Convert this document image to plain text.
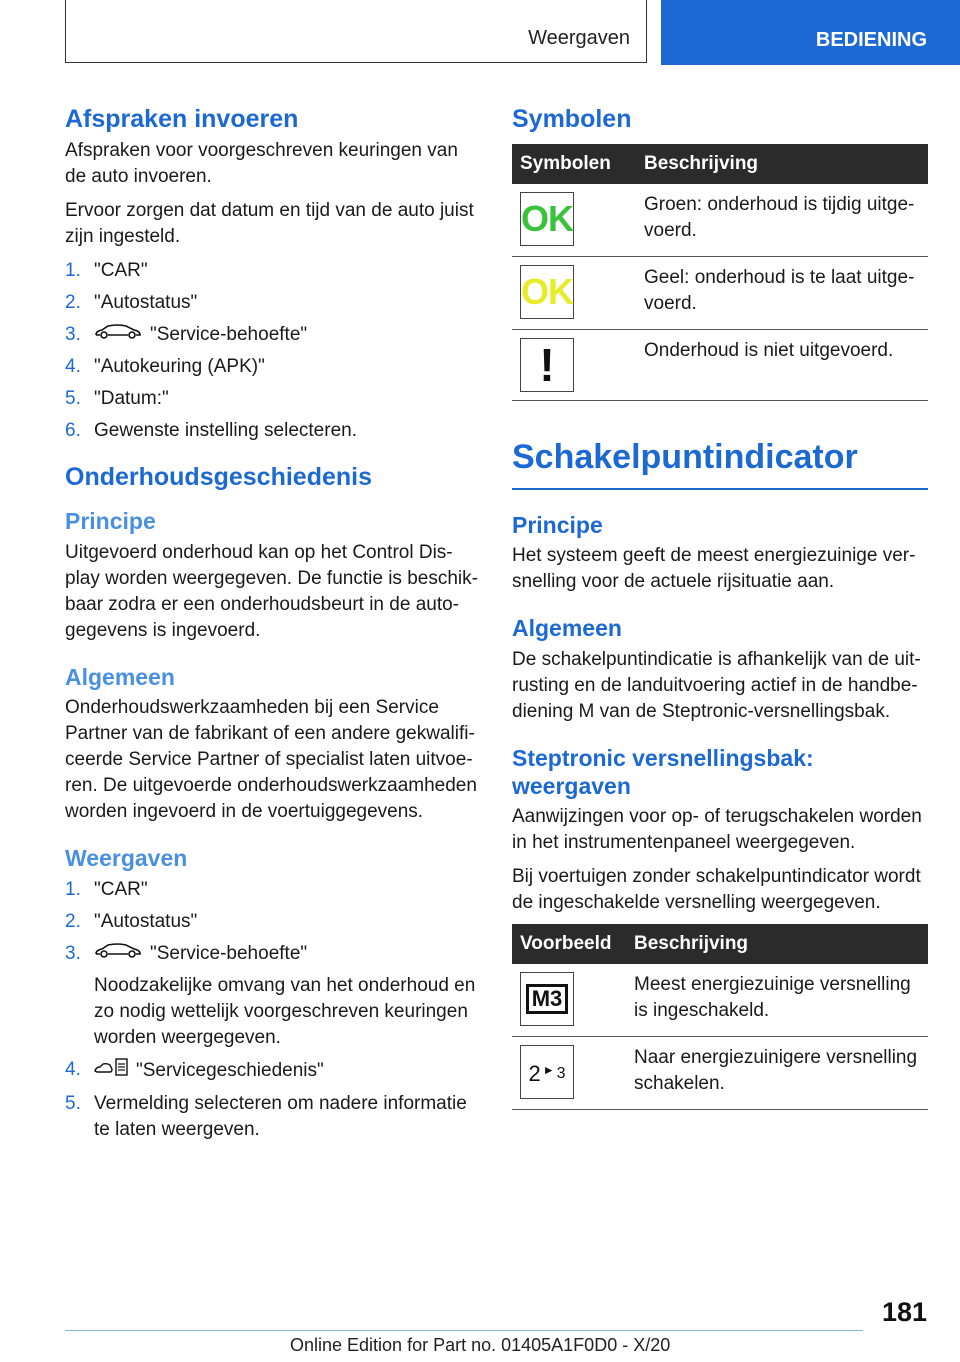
Weergaven	BEDIENING
Afspraken invoeren

Afspraken voor voorgeschreven keuringen van de auto invoeren.

Ervoor zorgen dat datum en tijd van de auto juist zijn ingesteld.

1. "CAR"
2. "Autostatus"
3.	"Service-behoefte"
4. "Autokeuring (APK)"
5. "Datum:"
6. Gewenste instelling selecteren.
Onderhoudsgeschiedenis
Principe

Uitgevoerd onderhoud kan op het Control Dis-play worden weergegeven. De functie is beschik-baar zodra er een onderhoudsbeurt in de auto-gegevens is ingevoerd.

Algemeen

Onderhoudswerkzaamheden bij een Service Partner van de fabrikant of een andere gekwalifi-ceerde Service Partner of specialist laten uitvoe-ren. De uitgevoerde onderhoudswerkzaamheden worden ingevoerd in de voertuiggegevens.

Weergaven
1. "CAR"
2. "Autostatus"
3.	"Service-behoefte"
Noodzakelijke omvang van het onderhoud en zo nodig wettelijk voorgeschreven keuringen worden weergegeven.
4.	"Servicegeschiedenis"
5. Vermelding selecteren om nadere informatie te laten weergeven.
Symbolen
Symbolen	Beschrijving

OK	Groen: onderhoud is tijdig uitge-voerd.

OK	Geel: onderhoud is te laat uitge-voerd.

!	Onderhoud is niet uitgevoerd.
Schakelpuntindicator
Principe

Het systeem geeft de meest energiezuinige ver-snelling voor de actuele rijsituatie aan.

Algemeen

De schakelpuntindicatie is afhankelijk van de uit-rusting en de landuitvoering actief in de handbe-diening M van de Steptronic-versnellingsbak.

Steptronic versnellingsbak: weergaven

Aanwijzingen voor op- of terugschakelen worden in het instrumentenpaneel weergegeven.

Bij voertuigen zonder schakelpuntindicator wordt de ingeschakelde versnelling weergegeven.

Voorbeeld	Beschrijving

M3	Meest energiezuinige versnelling is ingeschakeld.

2 ► 3	Naar energiezuinigere versnelling schakelen.
181
Online Edition for Part no. 01405A1F0D0 - X/20
